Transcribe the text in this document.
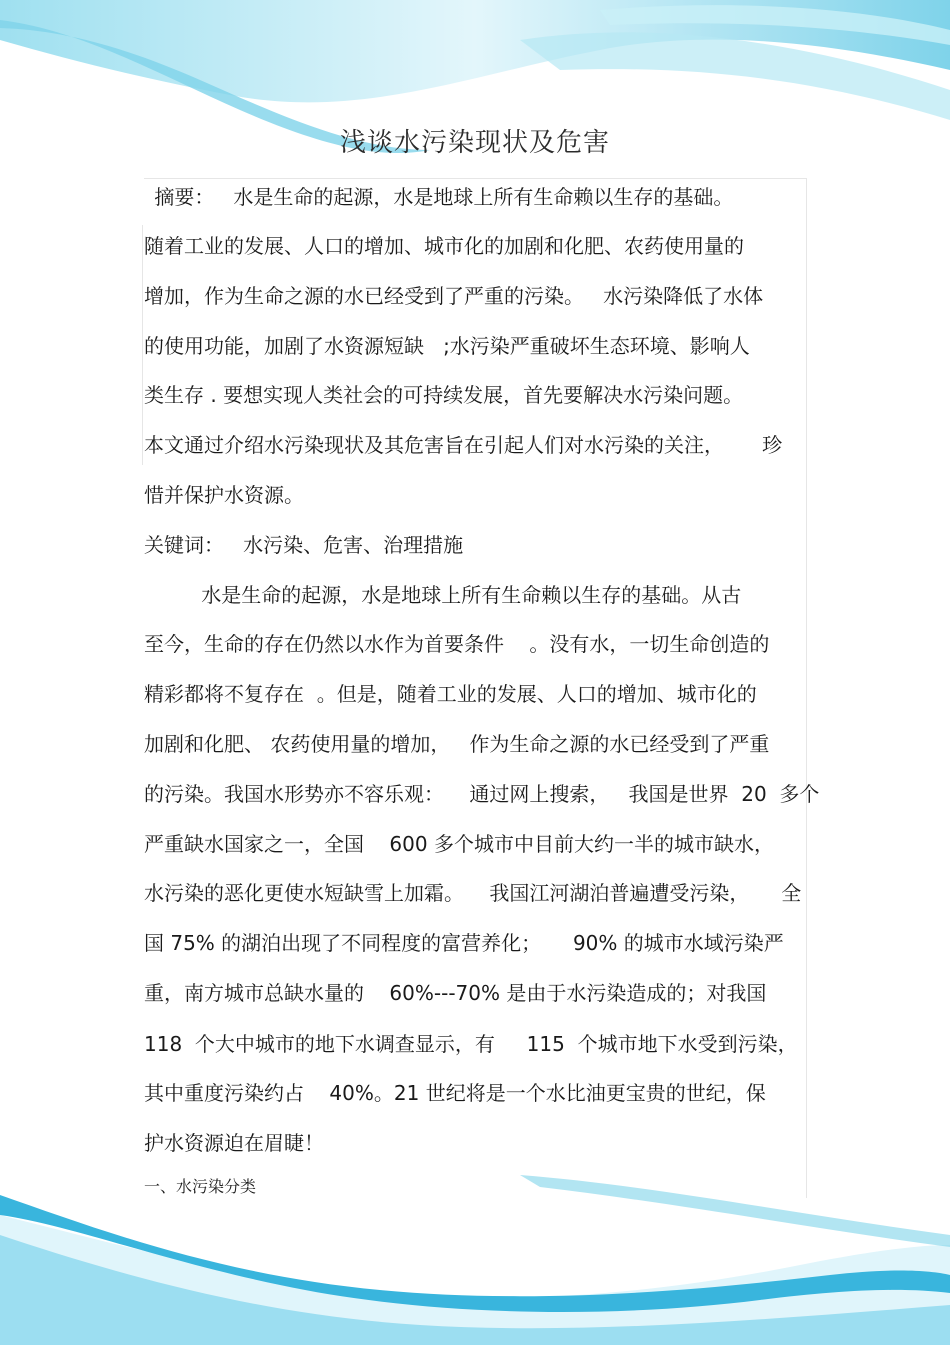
浅谈水污染现状及危害
摘要：   水是生命的起源，水是地球上所有生命赖以生存的基础。
随着工业的发展、人口的增加、城市化的加剧和化肥、农药使用量的
增加，作为生命之源的水已经受到了严重的污染。   水污染降低了水体
的使用功能，加剧了水资源短缺   ;水污染严重破坏生态环境、影响人
类生存 . 要想实现人类社会的可持续发展，首先要解决水污染问题。
本文通过介绍水污染现状及其危害旨在引起人们对水污染的关注，      珍
惜并保护水资源。
关键词：   水污染、危害、治理措施
水是生命的起源，水是地球上所有生命赖以生存的基础。从古
至今，生命的存在仍然以水作为首要条件    。没有水，一切生命创造的
精彩都将不复存在  。但是，随着工业的发展、人口的增加、城市化的
加剧和化肥、 农药使用量的增加，   作为生命之源的水已经受到了严重
的污染。我国水形势亦不容乐观：    通过网上搜索，   我国是世界  20  多个
严重缺水国家之一，全国    600 多个城市中目前大约一半的城市缺水，
水污染的恶化更使水短缺雪上加霜。    我国江河湖泊普遍遭受污染，     全
国 75% 的湖泊出现了不同程度的富营养化；     90% 的城市水域污染严
重，南方城市总缺水量的    60%---70% 是由于水污染造成的；对我国
118  个大中城市的地下水调查显示，有     115  个城市地下水受到污染，
其中重度污染约占    40%。21 世纪将是一个水比油更宝贵的世纪，保
护水资源迫在眉睫！
一、水污染分类
